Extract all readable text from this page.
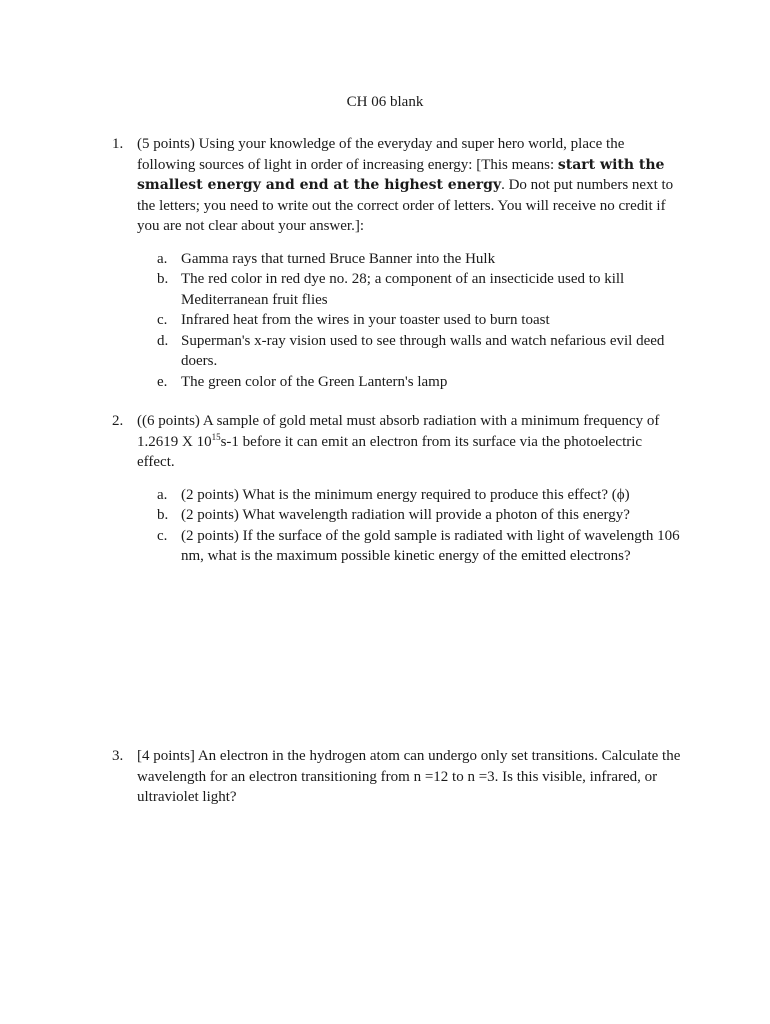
CH 06 blank
1. (5 points) Using your knowledge of the everyday and super hero world, place the following sources of light in order of increasing energy: [This means: start with the smallest energy and end at the highest energy. Do not put numbers next to the letters; you need to write out the correct order of letters. You will receive no credit if you are not clear about your answer.]:
a. Gamma rays that turned Bruce Banner into the Hulk
b. The red color in red dye no. 28; a component of an insecticide used to kill Mediterranean fruit flies
c. Infrared heat from the wires in your toaster used to burn toast
d. Superman's x-ray vision used to see through walls and watch nefarious evil deed doers.
e. The green color of the Green Lantern's lamp
2. ((6 points) A sample of gold metal must absorb radiation with a minimum frequency of 1.2619 X $10^{15}s-1$ before it can emit an electron from its surface via the photoelectric effect.
a. (2 points) What is the minimum energy required to produce this effect? (ϕ)
b. (2 points) What wavelength radiation will provide a photon of this energy?
c. (2 points) If the surface of the gold sample is radiated with light of wavelength 106 nm, what is the maximum possible kinetic energy of the emitted electrons?
3. [4 points] An electron in the hydrogen atom can undergo only set transitions. Calculate the wavelength for an electron transitioning from n =12 to n =3. Is this visible, infrared, or ultraviolet light?
